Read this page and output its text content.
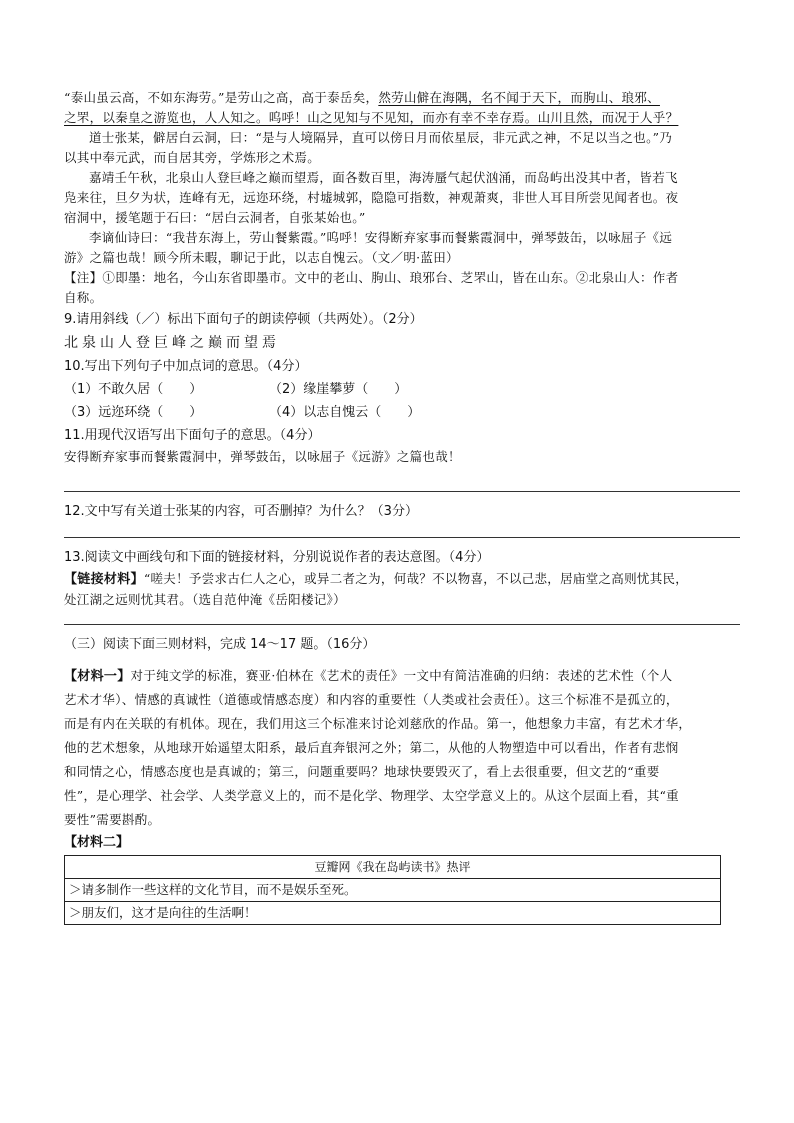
“泰山虽云高，不如东海劳。”是劳山之高，高于泰岳矣，然劳山僻在海隅，名不闻于天下，而朐山、琅邪、
之罘，以秦皇之游览也，人人知之。呜呼！山之见知与不见知，而亦有幸不幸存焉。山川且然，而况于人乎？
道士张某，僻居白云洞，曰：“是与人境隔异，直可以傍日月而依星辰，非元武之神，不足以当之也。”乃
以其中奉元武，而自居其旁，学炼形之术焉。
嘉靖壬午秋，北泉山人登巨峰之巅而望焉，面各数百里，海涛蜃气起伏汹涌，而岛屿出没其中者，皆若飞
凫来往，旦夕为状，连峰有无，远迩环绕，村墟城郭，隐隐可指数，神观萧爽，非世人耳目所尝见闻者也。夜
宿洞中，援笔题于石曰：“居白云洞者，自张某始也。”
李谪仙诗曰：“我昔东海上，劳山餐紫霞。”呜呼！安得断弃家事而餐紫霞洞中，弹琴鼓缶，以咏屈子《远
游》之篇也哉！顾今所未暇，聊记于此，以志自愧云。（文／明·蓝田）
【注】①即墨：地名，今山东省即墨市。文中的老山、朐山、琅邪台、芝罘山，皆在山东。②北泉山人：作者
自称。
9.请用斜线（／）标出下面句子的朗读停顿（共两处）。（2分）
北泉山人登巨峰之巅而望焉
10.写出下列句子中加点词的意思。（4分）
（1）不敢久居（　　）	（2）缘崖攀萝（　　）
（3）远迩环绕（　　）	（4）以志自愧云（　　）
11.用现代汉语写出下面句子的意思。（4分）
安得断弃家事而餐紫霞洞中，弹琴鼓缶，以咏屈子《远游》之篇也哉！
12.文中写有关道士张某的内容，可否删掉？为什么？（3分）
13.阅读文中画线句和下面的链接材料，分别说说作者的表达意图。（4分）
【链接材料】“嗟夫！予尝求古仁人之心，或异二者之为，何哉？不以物喜，不以己悲，居庙堂之高则忧其民，
处江湖之远则忧其君。（选自范仲淹《岳阳楼记》）
（三）阅读下面三则材料，完成 14～17 题。（16分）
【材料一】对于纯文学的标准，赛亚·伯林在《艺术的责任》一文中有简洁准确的归纳：表述的艺术性（个人
艺术才华）、情感的真诚性（道德或情感态度）和内容的重要性（人类或社会责任）。这三个标准不是孤立的，
而是有内在关联的有机体。现在，我们用这三个标准来讨论刘慈欣的作品。第一，他想象力丰富，有艺术才华，
他的艺术想象，从地球开始遥望太阳系，最后直奔银河之外；第二，从他的人物塑造中可以看出，作者有悲悯
和同情之心，情感态度也是真诚的；第三，问题重要吗？地球快要毁灭了，看上去很重要，但文艺的“重要
性”，是心理学、社会学、人类学意义上的，而不是化学、物理学、太空学意义上的。从这个层面上看，其“重
要性”需要斟酌。
【材料二】
豆瓣网《我在岛屿读书》热评
＞请多制作一些这样的文化节目，而不是娱乐至死。
＞朋友们，这才是向往的生活啊！
